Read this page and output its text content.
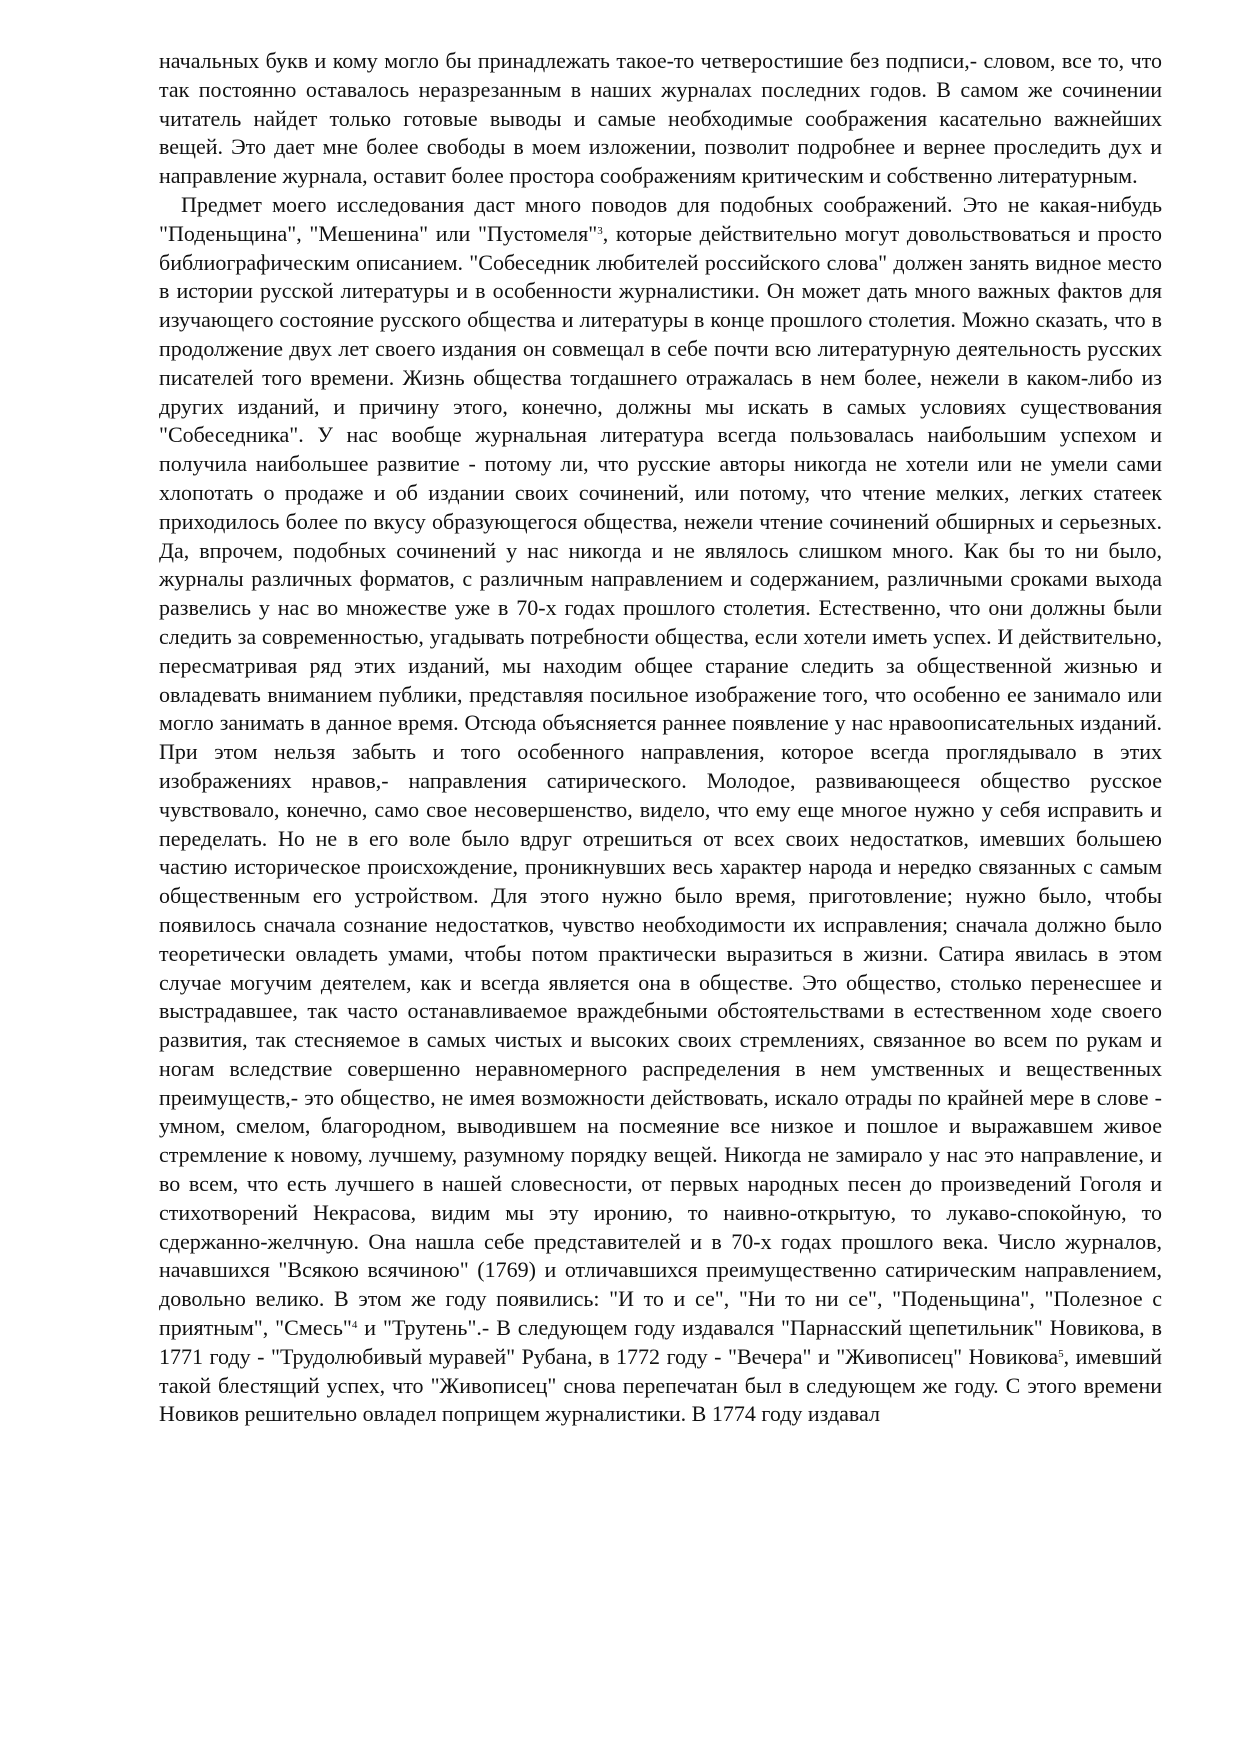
начальных букв и кому могло бы принадлежать такое-то четверостишие без подписи,- словом, все то, что так постоянно оставалось неразрезанным в наших журналах последних годов. В самом же сочинении читатель найдет только готовые выводы и самые необходимые соображения касательно важнейших вещей. Это дает мне более свободы в моем изложении, позволит подробнее и вернее проследить дух и направление журнала, оставит более простора соображениям критическим и собственно литературным.

Предмет моего исследования даст много поводов для подобных соображений. Это не какая-нибудь "Поденьщина", "Мешенина" или "Пустомеля"$^3$, которые действительно могут довольствоваться и просто библиографическим описанием. "Собеседник любителей российского слова" должен занять видное место в истории русской литературы и в особенности журналистики. Он может дать много важных фактов для изучающего состояние русского общества и литературы в конце прошлого столетия. Можно сказать, что в продолжение двух лет своего издания он совмещал в себе почти всю литературную деятельность русских писателей того времени. Жизнь общества тогдашнего отражалась в нем более, нежели в каком-либо из других изданий, и причину этого, конечно, должны мы искать в самых условиях существования "Собеседника". У нас вообще журнальная литература всегда пользовалась наибольшим успехом и получила наибольшее развитие - потому ли, что русские авторы никогда не хотели или не умели сами хлопотать о продаже и об издании своих сочинений, или потому, что чтение мелких, легких статеек приходилось более по вкусу образующегося общества, нежели чтение сочинений обширных и серьезных. Да, впрочем, подобных сочинений у нас никогда и не являлось слишком много. Как бы то ни было, журналы различных форматов, с различным направлением и содержанием, различными сроками выхода развелись у нас во множестве уже в 70-х годах прошлого столетия. Естественно, что они должны были следить за современностью, угадывать потребности общества, если хотели иметь успех. И действительно, пересматривая ряд этих изданий, мы находим общее старание следить за общественной жизнью и овладевать вниманием публики, представляя посильное изображение того, что особенно ее занимало или могло занимать в данное время. Отсюда объясняется раннее появление у нас нравоописательных изданий. При этом нельзя забыть и того особенного направления, которое всегда проглядывало в этих изображениях нравов,- направления сатирического. Молодое, развивающееся общество русское чувствовало, конечно, само свое несовершенство, видело, что ему еще многое нужно у себя исправить и переделать. Но не в его воле было вдруг отрешиться от всех своих недостатков, имевших большею частию историческое происхождение, проникнувших весь характер народа и нередко связанных с самым общественным его устройством. Для этого нужно было время, приготовление; нужно было, чтобы появилось сначала сознание недостатков, чувство необходимости их исправления; сначала должно было теоретически овладеть умами, чтобы потом практически выразиться в жизни. Сатира явилась в этом случае могучим деятелем, как и всегда является она в обществе. Это общество, столько перенесшее и выстрадавшее, так часто останавливаемое враждебными обстоятельствами в естественном ходе своего развития, так стесняемое в самых чистых и высоких своих стремлениях, связанное во всем по рукам и ногам вследствие совершенно неравномерного распределения в нем умственных и вещественных преимуществ,- это общество, не имея возможности действовать, искало отрады по крайней мере в слове - умном, смелом, благородном, выводившем на посмеяние все низкое и пошлое и выражавшем живое стремление к новому, лучшему, разумному порядку вещей. Никогда не замирало у нас это направление, и во всем, что есть лучшего в нашей словесности, от первых народных песен до произведений Гоголя и стихотворений Некрасова, видим мы эту иронию, то наивно-открытую, то лукаво-спокойную, то сдержанно-желчную. Она нашла себе представителей и в 70-х годах прошлого века. Число журналов, начавшихся "Всякою всячиною" (1769) и отличавшихся преимущественно сатирическим направлением, довольно велико. В этом же году появились: "И то и се", "Ни то ни се", "Поденьщина", "Полезное с приятным", "Смесь"$^4$ и "Трутень".- В следующем году издавался "Парнасский щепетильник" Новикова, в 1771 году - "Трудолюбивый муравей" Рубана, в 1772 году - "Вечера" и "Живописец" Новикова$^5$, имевший такой блестящий успех, что "Живописец" снова перепечатан был в следующем же году. С этого времени Новиков решительно овладел поприщем журналистики. В 1774 году издавал
